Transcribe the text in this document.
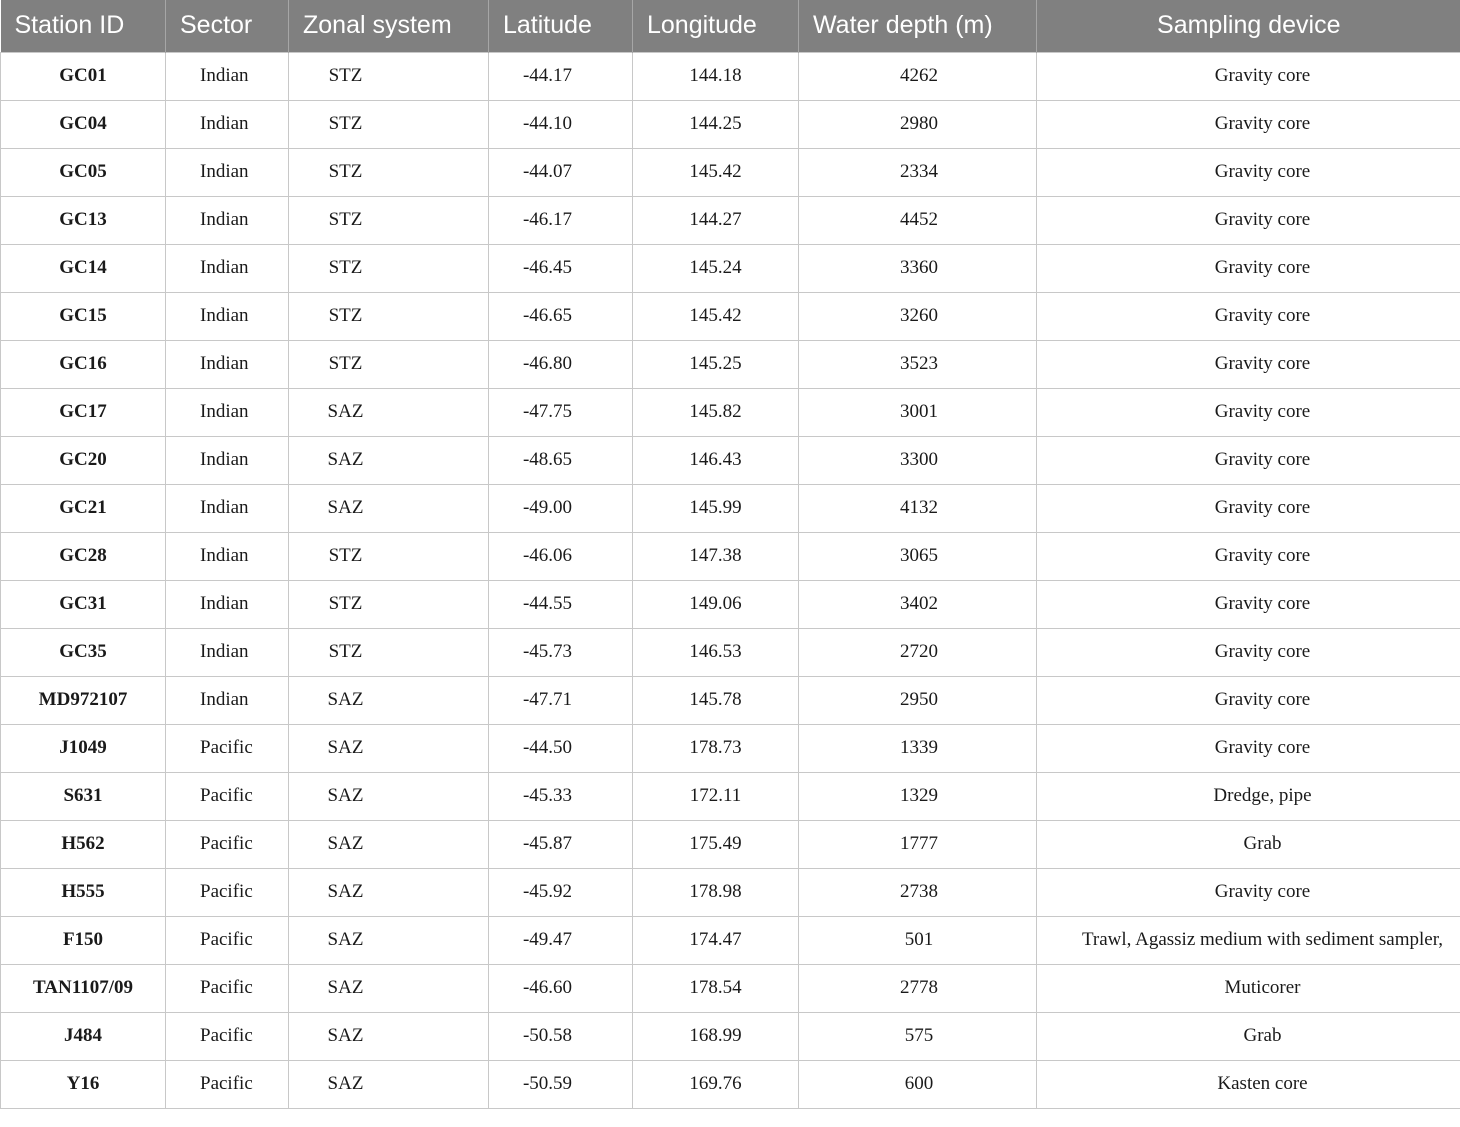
Station ID	Sector	Zonal system	Latitude	Longitude	Water depth (m)	Sampling device
GC01	Indian	STZ	-44.17	144.18	4262	Gravity core
GC04	Indian	STZ	-44.10	144.25	2980	Gravity core
GC05	Indian	STZ	-44.07	145.42	2334	Gravity core
GC13	Indian	STZ	-46.17	144.27	4452	Gravity core
GC14	Indian	STZ	-46.45	145.24	3360	Gravity core
GC15	Indian	STZ	-46.65	145.42	3260	Gravity core
GC16	Indian	STZ	-46.80	145.25	3523	Gravity core
GC17	Indian	SAZ	-47.75	145.82	3001	Gravity core
GC20	Indian	SAZ	-48.65	146.43	3300	Gravity core
GC21	Indian	SAZ	-49.00	145.99	4132	Gravity core
GC28	Indian	STZ	-46.06	147.38	3065	Gravity core
GC31	Indian	STZ	-44.55	149.06	3402	Gravity core
GC35	Indian	STZ	-45.73	146.53	2720	Gravity core
MD972107	Indian	SAZ	-47.71	145.78	2950	Gravity core
J1049	Pacific	SAZ	-44.50	178.73	1339	Gravity core
S631	Pacific	SAZ	-45.33	172.11	1329	Dredge, pipe
H562	Pacific	SAZ	-45.87	175.49	1777	Grab
H555	Pacific	SAZ	-45.92	178.98	2738	Gravity core
F150	Pacific	SAZ	-49.47	174.47	501	Trawl, Agassiz medium with sediment sampler,
TAN1107/09	Pacific	SAZ	-46.60	178.54	2778	Muticorer
J484	Pacific	SAZ	-50.58	168.99	575	Grab
Y16	Pacific	SAZ	-50.59	169.76	600	Kasten core
